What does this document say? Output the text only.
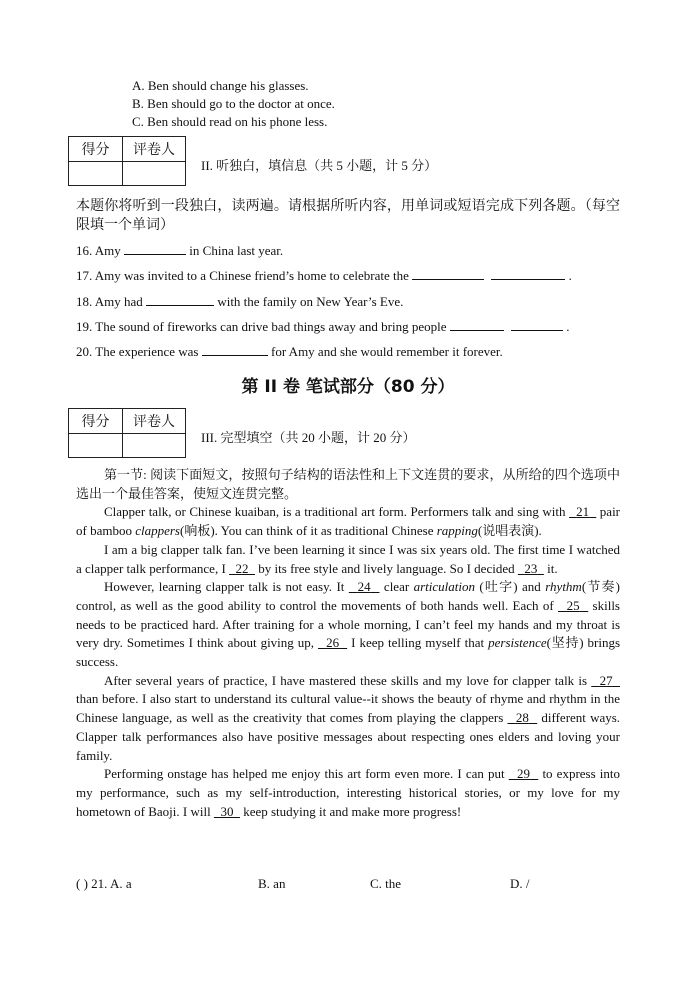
A. Ben should change his glasses.
B. Ben should go to the doctor at once.
C. Ben should read on his phone less.
得分	评卷人

II. 听独白，填信息（共 5 小题，计 5 分）
本题你将听到一段独白，读两遍。请根据所听内容，用单词或短语完成下列各题。（每空限填一个单词）
16. Amy	in China last year.
17. Amy was invited to a Chinese friend’s home to celebrate the	.
18. Amy had	with the family on New Year’s Eve.
19. The sound of fireworks can drive bad things away and bring people	.
20. The experience was	for Amy and she would remember it forever.
第 II 卷 笔试部分（80 分）
得分	评卷人

III. 完型填空（共 20 小题，计 20 分）

第一节: 阅读下面短文，按照句子结构的语法性和上下文连贯的要求，从所给的四个选项中选出一个最佳答案，使短文连贯完整。

Clapper talk, or Chinese kuaiban, is a traditional art form. Performers talk and sing with 21 pair of bamboo clappers(响板). You can think of it as traditional Chinese rapping(说唱表演).

I am a big clapper talk fan. I’ve been learning it since I was six years old. The first time I watched a clapper talk performance, I 22 by its free style and lively language. So I decided 23 it.

However, learning clapper talk is not easy. It 24 clear articulation (吐字) and rhythm(节奏) control, as well as the good ability to control the movements of both hands well. Each of 25 skills needs to be practiced hard. After training for a whole morning, I can’t feel my hands and my throat is very dry. Sometimes I think about giving up, 26 I keep telling myself that persistence(坚持) brings success.

After several years of practice, I have mastered these skills and my love for clapper talk is 27   than before. I also start to understand its cultural value--it shows the beauty of rhyme and rhythm in the Chinese language, as well as the creativity that comes from playing the clappers 28 different ways. Clapper talk performances also have positive messages about respecting ones elders and loving your family.

Performing onstage has helped me enjoy this art form even more. I can put 29 to express into my performance, such as my self-introduction, interesting historical stories, or my love for my hometown of Baoji. I will 30 keep studying it and make more progress!

( ) 21. A. a	B. an	C. the	D. /
